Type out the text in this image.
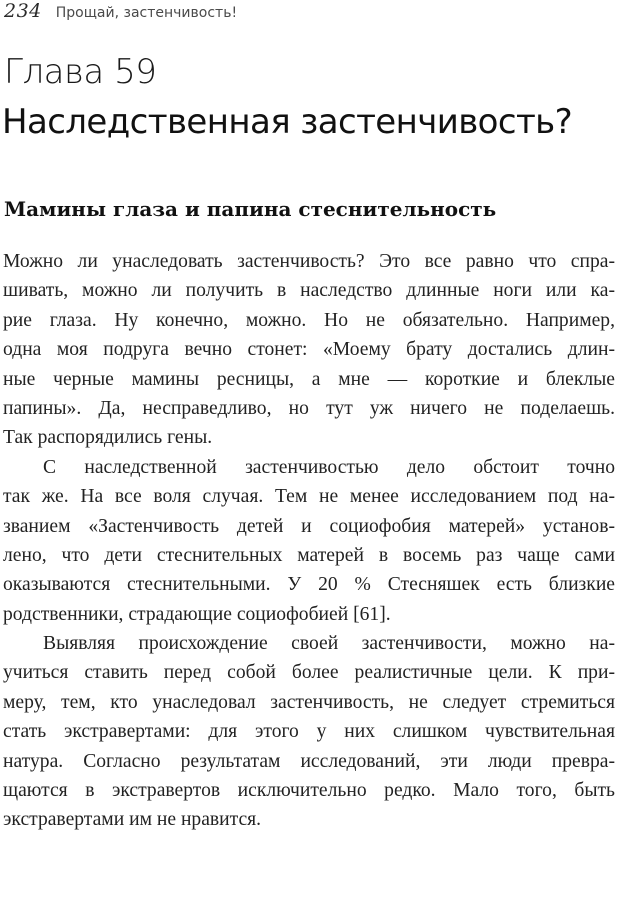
234 Прощай, застенчивость!
Глава 59
Наследственная застенчивость?
Мамины глаза и папина стеснительность
Можно ли унаследовать застенчивость? Это все равно что спра-
шивать, можно ли получить в наследство длинные ноги или ка-
рие глаза. Ну конечно, можно. Но не обязательно. Например,
одна моя подруга вечно стонет: «Моему брату достались длин-
ные черные мамины ресницы, а мне — короткие и блеклые
папины». Да, несправедливо, но тут уж ничего не поделаешь.
Так распорядились гены.
С наследственной застенчивостью дело обстоит точно
так же. На все воля случая. Тем не менее исследованием под на-
званием «Застенчивость детей и социофобия матерей» установ-
лено, что дети стеснительных матерей в восемь раз чаще сами
оказываются стеснительными. У 20 % Стесняшек есть близкие
родственники, страдающие социофобией [61].
Выявляя происхождение своей застенчивости, можно на-
учиться ставить перед собой более реалистичные цели. К при-
меру, тем, кто унаследовал застенчивость, не следует стремиться
стать экстравертами: для этого у них слишком чувствительная
натура. Согласно результатам исследований, эти люди превра-
щаются в экстравертов исключительно редко. Мало того, быть
экстравертами им не нравится.
